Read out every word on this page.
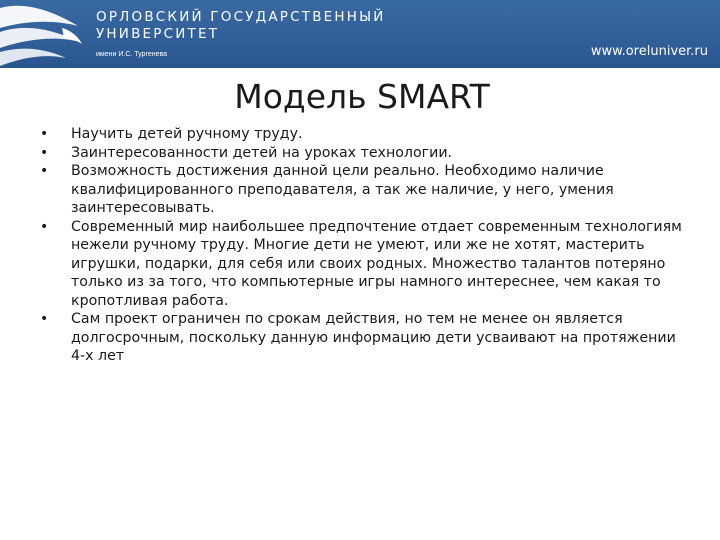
ОРЛОВСКИЙ ГОСУДАРСТВЕННЫЙ
УНИВЕРСИТЕТ
имени И.С. Тургенева	www.oreluniver.ru
Модель SMART
• Научить детей ручному труду.
• Заинтересованности детей на уроках технологии.
• Возможность достижения данной цели реально. Необходимо наличие квалифицированного преподавателя, а так же наличие, у него, умения заинтересовывать.
• Современный мир наибольшее предпочтение отдает современным технологиям нежели ручному труду. Многие дети не умеют, или же не хотят, мастерить игрушки, подарки, для себя или своих родных. Множество талантов потеряно только из за того, что компьютерные игры намного интереснее, чем какая то кропотливая работа.
• Сам проект ограничен по срокам действия, но тем не менее он является долгосрочным, поскольку данную информацию дети усваивают на протяжении 4-х лет
